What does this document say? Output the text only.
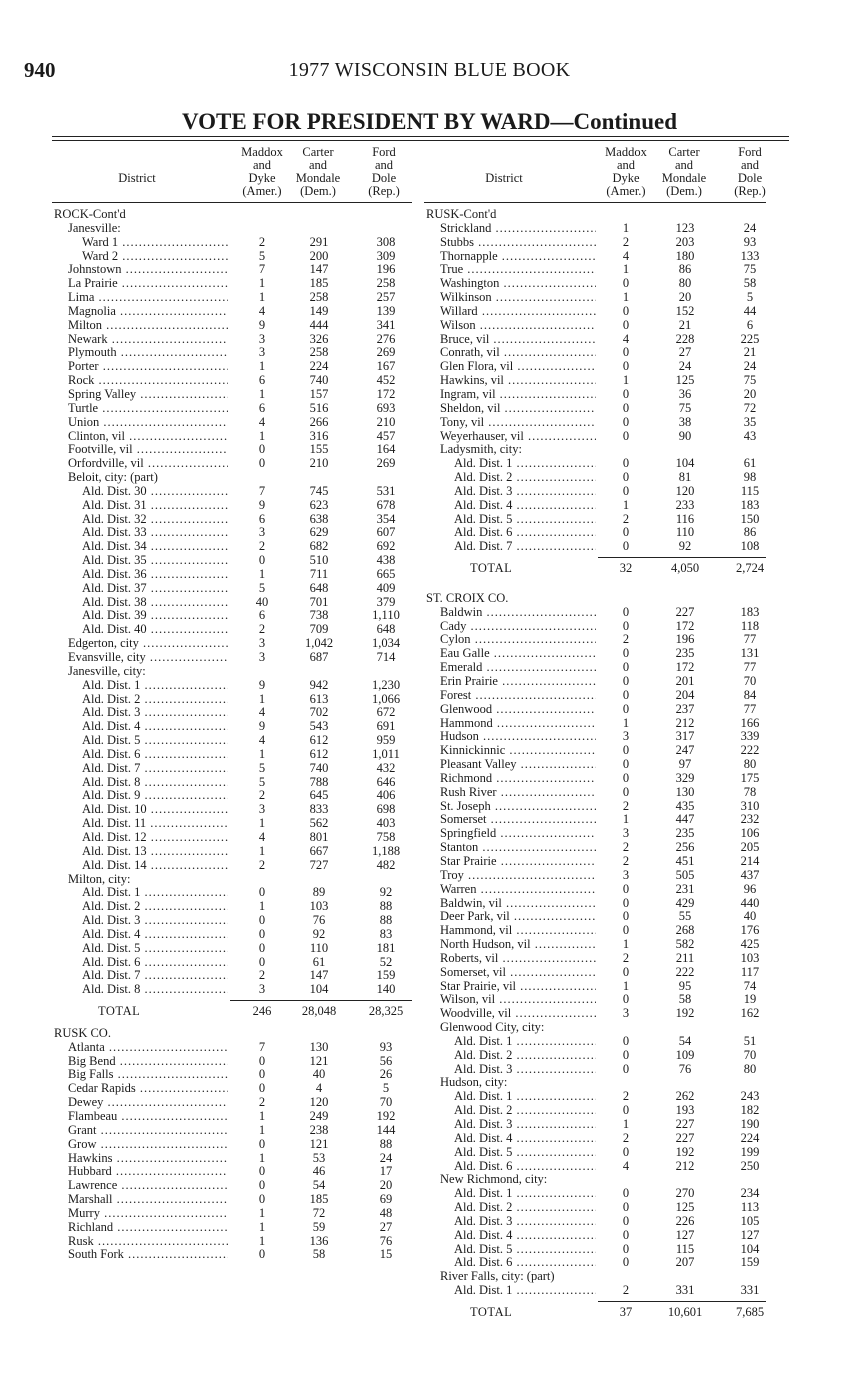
940	1977 WISCONSIN BLUE BOOK
VOTE FOR PRESIDENT BY WARD—Continued
District
Maddox
and
Dyke
(Amer.)
Carter
and
Mondale
(Dem.)
Ford
and
Dole
(Rep.)
ROCK-Cont'd
Janesville:
Ward 1 .....	2	291	308
Ward 2 .....	5	200	309
Johnstown .....	7	147	196
La Prairie .....	1	185	258
Lima .....	1	258	257
Magnolia .....	4	149	139
Milton .....	9	444	341
Newark .....	3	326	276
Plymouth .....	3	258	269
Porter .....	1	224	167
Rock .....	6	740	452
Spring Valley .....	1	157	172
Turtle .....	6	516	693
Union .....	4	266	210
Clinton, vil .....	1	316	457
Footville, vil .....	0	155	164
Orfordville, vil .....	0	210	269
Beloit, city: (part)
Ald. Dist. 30 .....	7	745	531
Ald. Dist. 31 .....	9	623	678
Ald. Dist. 32 .....	6	638	354
Ald. Dist. 33 .....	3	629	607
Ald. Dist. 34 .....	2	682	692
Ald. Dist. 35 .....	0	510	438
Ald. Dist. 36 .....	1	711	665
Ald. Dist. 37 .....	5	648	409
Ald. Dist. 38 .....	40	701	379
Ald. Dist. 39 .....	6	738	1,110
Ald. Dist. 40 .....	2	709	648
Edgerton, city .....	3	1,042	1,034
Evansville, city .....	3	687	714
Janesville, city:
Ald. Dist. 1 .....	9	942	1,230
Ald. Dist. 2 .....	1	613	1,066
Ald. Dist. 3 .....	4	702	672
Ald. Dist. 4 .....	9	543	691
Ald. Dist. 5 .....	4	612	959
Ald. Dist. 6 .....	1	612	1,011
Ald. Dist. 7 .....	5	740	432
Ald. Dist. 8 .....	5	788	646
Ald. Dist. 9 .....	2	645	406
Ald. Dist. 10 .....	3	833	698
Ald. Dist. 11 .....	1	562	403
Ald. Dist. 12 .....	4	801	758
Ald. Dist. 13 .....	1	667	1,188
Ald. Dist. 14 .....	2	727	482
Milton, city:
Ald. Dist. 1 .....	0	89	92
Ald. Dist. 2 .....	1	103	88
Ald. Dist. 3 .....	0	76	88
Ald. Dist. 4 .....	0	92	83
Ald. Dist. 5 .....	0	110	181
Ald. Dist. 6 .....	0	61	52
Ald. Dist. 7 .....	2	147	159
Ald. Dist. 8 .....	3	104	140
TOTAL	246	28,048	28,325
RUSK CO.
Atlanta .....	7	130	93
Big Bend .....	0	121	56
Big Falls .....	0	40	26
Cedar Rapids .....	0	4	5
Dewey .....	2	120	70
Flambeau .....	1	249	192
Grant .....	1	238	144
Grow .....	0	121	88
Hawkins .....	1	53	24
Hubbard .....	0	46	17
Lawrence .....	0	54	20
Marshall .....	0	185	69
Murry .....	1	72	48
Richland .....	1	59	27
Rusk .....	1	136	76
South Fork .....	0	58	15
District
Maddox
and
Dyke
(Amer.)
Carter
and
Mondale
(Dem.)
Ford
and
Dole
(Rep.)
RUSK-Cont'd
Strickland .....	1	123	24
Stubbs .....	2	203	93
Thornapple .....	4	180	133
True .....	1	86	75
Washington .....	0	80	58
Wilkinson .....	1	20	5
Willard .....	0	152	44
Wilson .....	0	21	6
Bruce, vil .....	4	228	225
Conrath, vil .....	0	27	21
Glen Flora, vil .....	0	24	24
Hawkins, vil .....	1	125	75
Ingram, vil .....	0	36	20
Sheldon, vil .....	0	75	72
Tony, vil .....	0	38	35
Weyerhauser, vil .....	0	90	43
Ladysmith, city:
Ald. Dist. 1 .....	0	104	61
Ald. Dist. 2 .....	0	81	98
Ald. Dist. 3 .....	0	120	115
Ald. Dist. 4 .....	1	233	183
Ald. Dist. 5 .....	2	116	150
Ald. Dist. 6 .....	0	110	86
Ald. Dist. 7 .....	0	92	108
TOTAL	32	4,050	2,724
ST. CROIX CO.
Baldwin .....	0	227	183
Cady .....	0	172	118
Cylon .....	2	196	77
Eau Galle .....	0	235	131
Emerald .....	0	172	77
Erin Prairie .....	0	201	70
Forest .....	0	204	84
Glenwood .....	0	237	77
Hammond .....	1	212	166
Hudson .....	3	317	339
Kinnickinnic .....	0	247	222
Pleasant Valley .....	0	97	80
Richmond .....	0	329	175
Rush River .....	0	130	78
St. Joseph .....	2	435	310
Somerset .....	1	447	232
Springfield .....	3	235	106
Stanton .....	2	256	205
Star Prairie .....	2	451	214
Troy .....	3	505	437
Warren .....	0	231	96
Baldwin, vil .....	0	429	440
Deer Park, vil .....	0	55	40
Hammond, vil .....	0	268	176
North Hudson, vil .....	1	582	425
Roberts, vil .....	2	211	103
Somerset, vil .....	0	222	117
Star Prairie, vil .....	1	95	74
Wilson, vil .....	0	58	19
Woodville, vil .....	3	192	162
Glenwood City, city:
Ald. Dist. 1 .....	0	54	51
Ald. Dist. 2 .....	0	109	70
Ald. Dist. 3 .....	0	76	80
Hudson, city:
Ald. Dist. 1 .....	2	262	243
Ald. Dist. 2 .....	0	193	182
Ald. Dist. 3 .....	1	227	190
Ald. Dist. 4 .....	2	227	224
Ald. Dist. 5 .....	0	192	199
Ald. Dist. 6 .....	4	212	250
New Richmond, city:
Ald. Dist. 1 .....	0	270	234
Ald. Dist. 2 .....	0	125	113
Ald. Dist. 3 .....	0	226	105
Ald. Dist. 4 .....	0	127	127
Ald. Dist. 5 .....	0	115	104
Ald. Dist. 6 .....	0	207	159
River Falls, city: (part)
Ald. Dist. 1 .....	2	331	331
TOTAL	37	10,601	7,685
